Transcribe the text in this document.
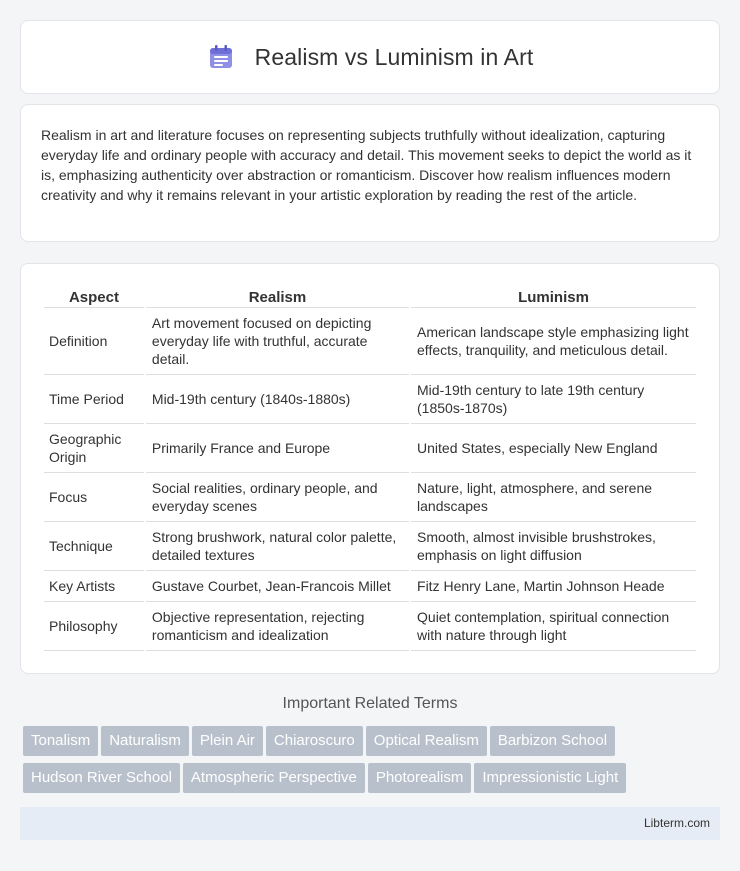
Realism vs Luminism in Art

Realism in art and literature focuses on representing subjects truthfully without idealization, capturing everyday life and ordinary people with accuracy and detail. This movement seeks to depict the world as it is, emphasizing authenticity over abstraction or romanticism. Discover how realism influences modern creativity and why it remains relevant in your artistic exploration by reading the rest of the article.

Aspect	Realism	Luminism
Definition	Art movement focused on depicting everyday life with truthful, accurate detail.	American landscape style emphasizing light effects, tranquility, and meticulous detail.
Time Period	Mid-19th century (1840s-1880s)	Mid-19th century to late 19th century (1850s-1870s)
Geographic Origin	Primarily France and Europe	United States, especially New England
Focus	Social realities, ordinary people, and everyday scenes	Nature, light, atmosphere, and serene landscapes
Technique	Strong brushwork, natural color palette, detailed textures	Smooth, almost invisible brushstrokes, emphasis on light diffusion
Key Artists	Gustave Courbet, Jean-Francois Millet	Fitz Henry Lane, Martin Johnson Heade
Philosophy	Objective representation, rejecting romanticism and idealization	Quiet contemplation, spiritual connection with nature through light
Important Related Terms
Tonalism Naturalism Plein Air Chiaroscuro Optical Realism Barbizon School
Hudson River School Atmospheric Perspective Photorealism Impressionistic Light
Libterm.com
